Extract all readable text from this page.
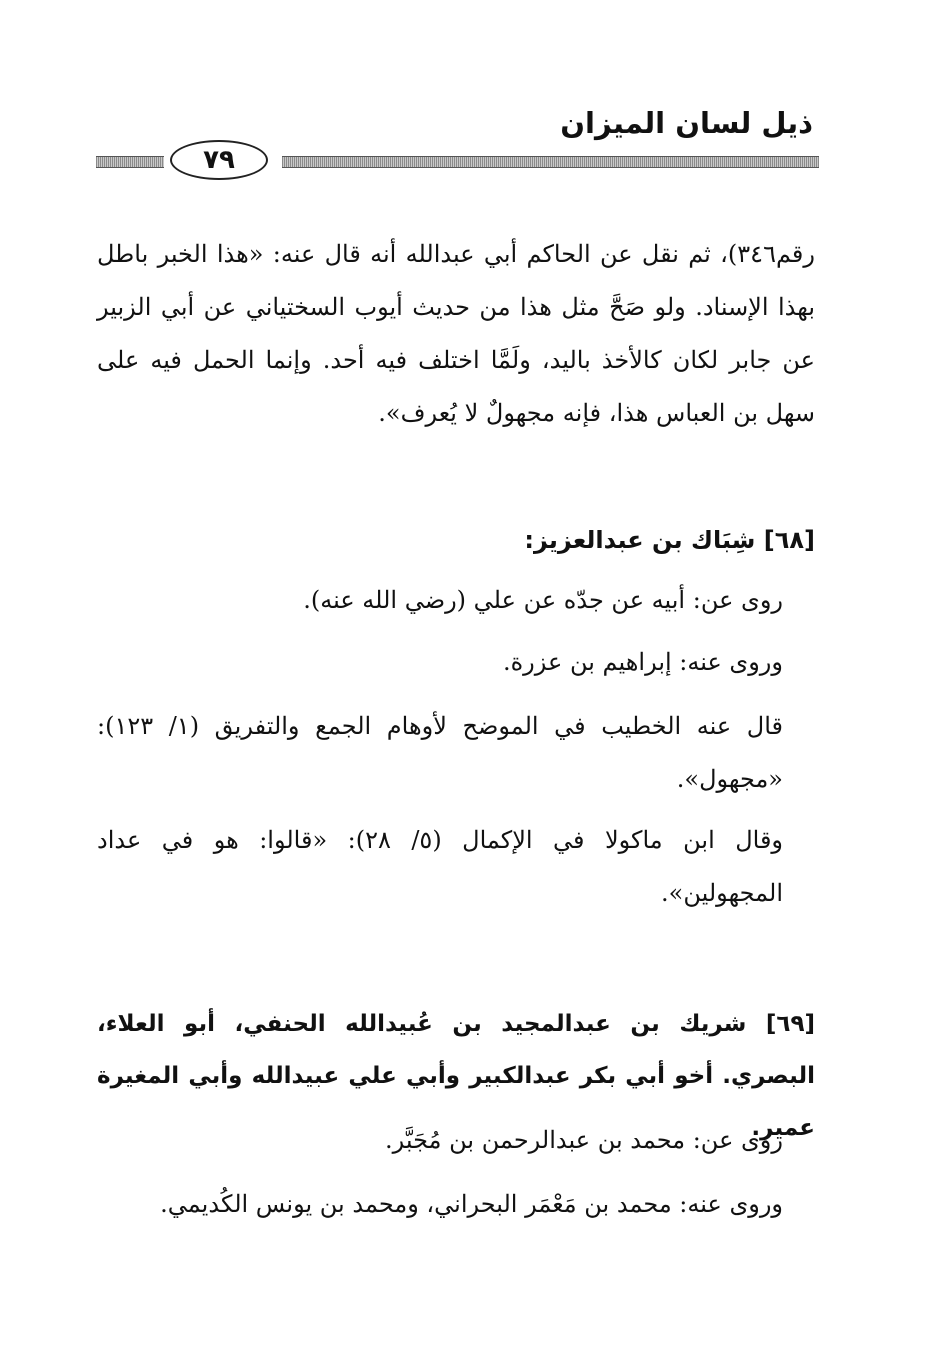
ذيل لسان الميزان
٧٩
رقم٣٤٦)، ثم نقل عن الحاكم أبي عبدالله أنه قال عنه: «هذا الخبر باطل بهذا الإسناد. ولو صَحَّ مثل هذا من حديث أيوب السختياني عن أبي الزبير عن جابر لكان كالأخذ باليد، ولَمَّا اختلف فيه أحد. وإنما الحمل فيه على سهل بن العباس هذا، فإنه مجهولٌ لا يُعرف».
[٦٨] شِبَاك بن عبدالعزيز:
روى عن: أبيه عن جدّه عن علي (رضي الله عنه).
وروى عنه: إبراهيم بن عزرة.
قال عنه الخطيب في الموضح لأوهام الجمع والتفريق (١/ ١٢٣): «مجهول».
وقال ابن ماكولا في الإكمال (٥/ ٢٨): «قالوا: هو في عداد المجهولين».
[٦٩] شريك بن عبدالمجيد بن عُبيدالله الحنفي، أبو العلاء، البصري. أخو أبي بكر عبدالكبير وأبي علي عبيدالله وأبي المغيرة عمير.
روى عن: محمد بن عبدالرحمن بن مُجَبَّر.
وروى عنه: محمد بن مَعْمَر البحراني، ومحمد بن يونس الكُديمي.
